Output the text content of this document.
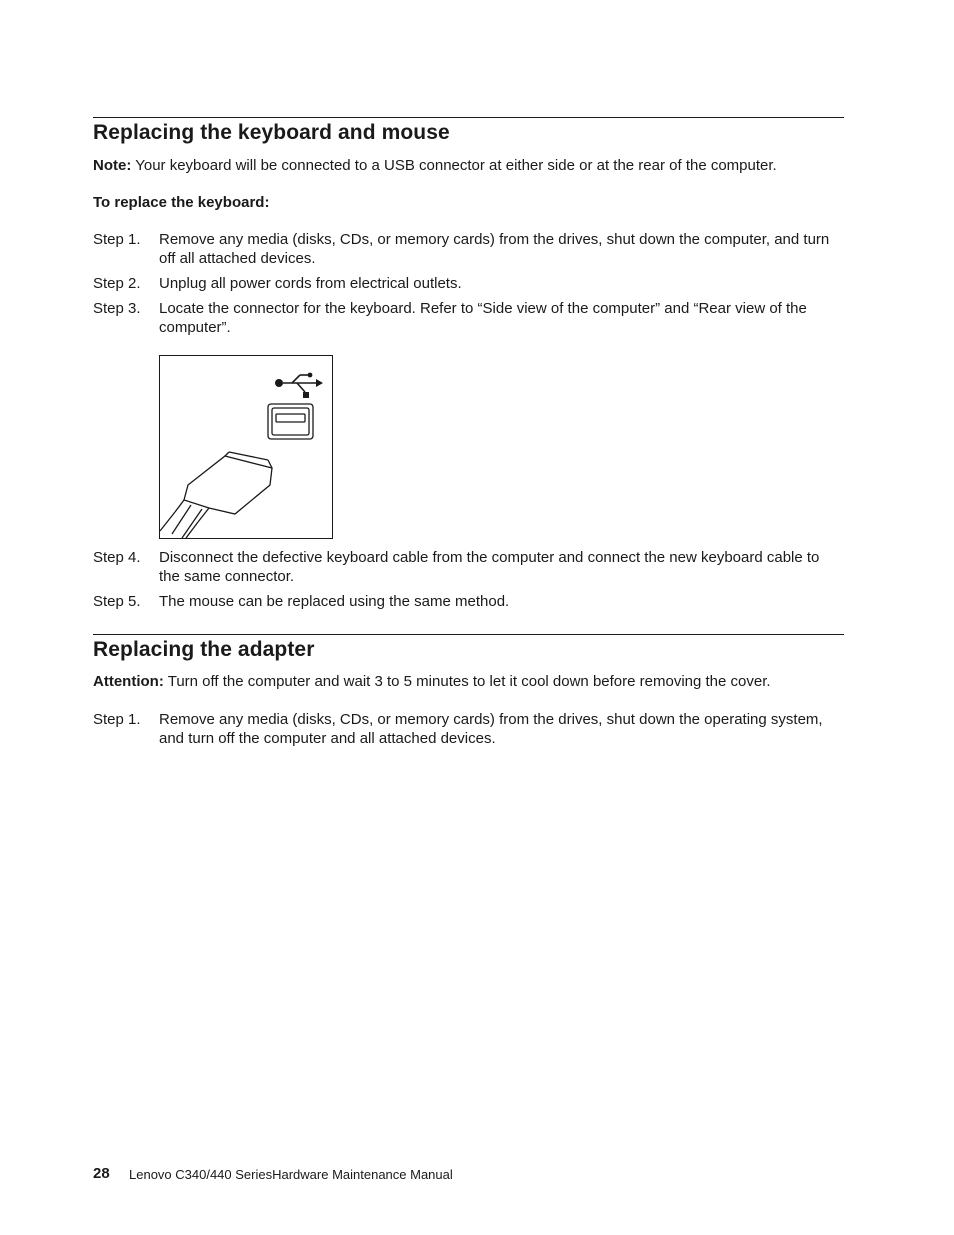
Replacing the keyboard and mouse
Note: Your keyboard will be connected to a USB connector at either side or at the rear of the computer.
To replace the keyboard:
Step 1. Remove any media (disks, CDs, or memory cards) from the drives, shut down the computer, and turn off all attached devices.
Step 2. Unplug all power cords from electrical outlets.
Step 3. Locate the connector for the keyboard. Refer to “Side view of the computer” and “Rear view of the computer”.
Step 4. Disconnect the defective keyboard cable from the computer and connect the new keyboard cable to the same connector.
Step 5. The mouse can be replaced using the same method.
Replacing the adapter
Attention: Turn off the computer and wait 3 to 5 minutes to let it cool down before removing the cover.
Step 1. Remove any media (disks, CDs, or memory cards) from the drives, shut down the operating system, and turn off the computer and all attached devices.
28 Lenovo C340/440 SeriesHardware Maintenance Manual
